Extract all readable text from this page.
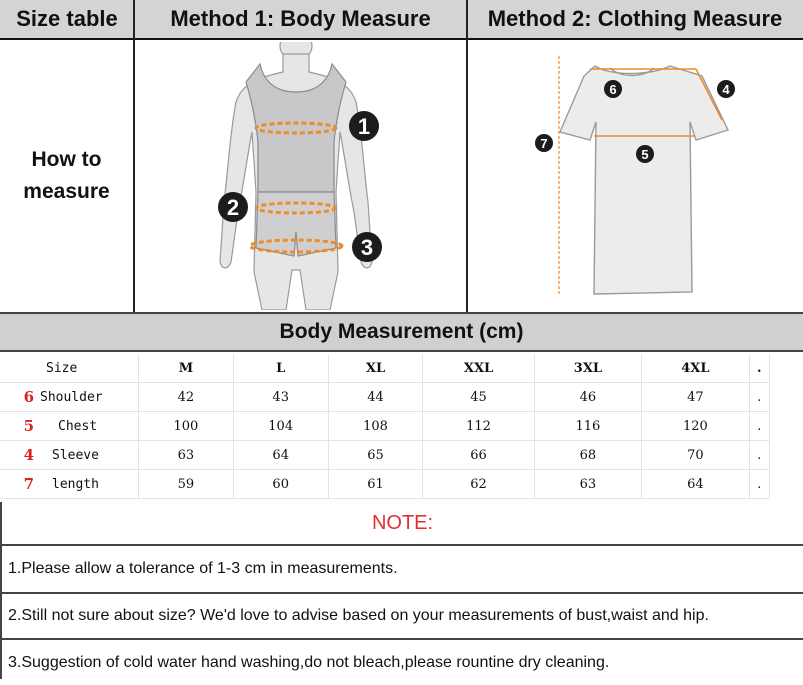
Size table Method 1: Body Measure	Method 2: Clothing Measure
How to
measure
1
2
3
6	4
7
5
Body Measurement (cm)
	Size	M	L	XL	XXL	3XL	4XL	.
6	Shoulder	42	43	44	45	46	47	.
5	Chest	100	104	108	112	116	120	.
4	Sleeve	63	64	65	66	68	70	.
7	length	59	60	61	62	63	64	.
NOTE:
1.Please allow a tolerance of 1-3 cm in measurements.
2.Still not sure about size? We'd love to advise based on your measurements of bust,waist and hip.
3.Suggestion of cold water hand washing,do not bleach,please rountine dry cleaning.
